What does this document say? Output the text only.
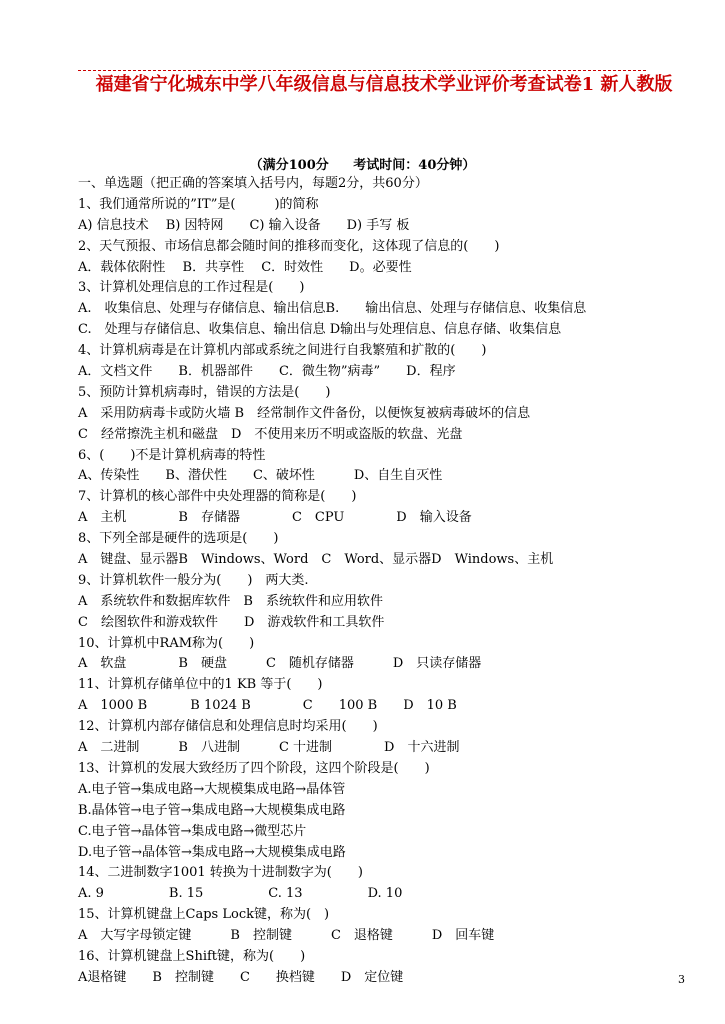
福建省宁化城东中学八年级信息与信息技术学业评价考查试卷1 新人教版
（满分100分 考试时间：40分钟）
一、单选题（把正确的答案填入括号内，每题2分，共60分）
1、我们通常所说的”IT”是(　　　)的简称
A) 信息技术　 B) 因特网　　C) 输入设备　　D) 手写 板
2、天气预报、市场信息都会随时间的推移而变化，这体现了信息的(　　)
A．载体依附性　 B．共享性　 C．时效性　　D。必要性
3、计算机处理信息的工作过程是(　　)
A.　收集信息、处理与存储信息、输出信息B.　　输出信息、处理与存储信息、收集信息
C.　处理与存储信息、收集信息、输出信息 D输出与处理信息、信息存储、收集信息
4、计算机病毒是在计算机内部或系统之间进行自我繁殖和扩散的(　　)
A．文档文件　　B．机器部件　　C．微生物”病毒”　　D．程序
5、预防计算机病毒时，错误的方法是(　　)
A　采用防病毒卡或防火墙 B　经常制作文件备份，以便恢复被病毒破坏的信息
C　经常擦洗主机和磁盘　D　不使用来历不明或盗版的软盘、光盘
6、(　　)不是计算机病毒的特性
A、传染性　　B、潜伏性　　C、破坏性　　　D、自生自灭性
7、计算机的核心部件中央处理器的简称是(　　)
A　主机　　　　B　存储器　　　　C　CPU　　　　D　输入设备
8、下列全部是硬件的选项是(　　)
A　键盘、显示器B　Windows、Word　C　Word、显示器D　Windows、主机
9、计算机软件一般分为(　　)　两大类.
A　系统软件和数据库软件　B　系统软件和应用软件
C　绘图软件和游戏软件　　D　游戏软件和工具软件
10、计算机中RAM称为(　　)
A　软盘　　　　B　硬盘　　　C　随机存储器　　　D　只读存储器
11、计算机存储单位中的1 KB 等于(　　)
A　1000 B　　　 B 1024 B　　　　C　　100 B　　D　10 B
12、计算机内部存储信息和处理信息时均采用(　　)
A　二进制　　　B　八进制　　　C 十进制　　　　D　十六进制
13、计算机的发展大致经历了四个阶段，这四个阶段是(　　)
A.电子管→集成电路→大规模集成电路→晶体管
B.晶体管→电子管→集成电路→大规模集成电路
C.电子管→晶体管→集成电路→微型芯片
D.电子管→晶体管→集成电路→大规模集成电路
14、二进制数字1001 转换为十进制数字为(　　)
A. 9　　　　　B. 15　　　　　C. 13　　　　　D. 10
15、计算机键盘上Caps Lock键，称为(　)
A　大写字母锁定键　　　B　控制键　　　C　退格键　　　D　回车键
16、计算机键盘上Shift键，称为(　　)
A退格键　　B　控制键　　C　　换档键　　D　定位键	3
